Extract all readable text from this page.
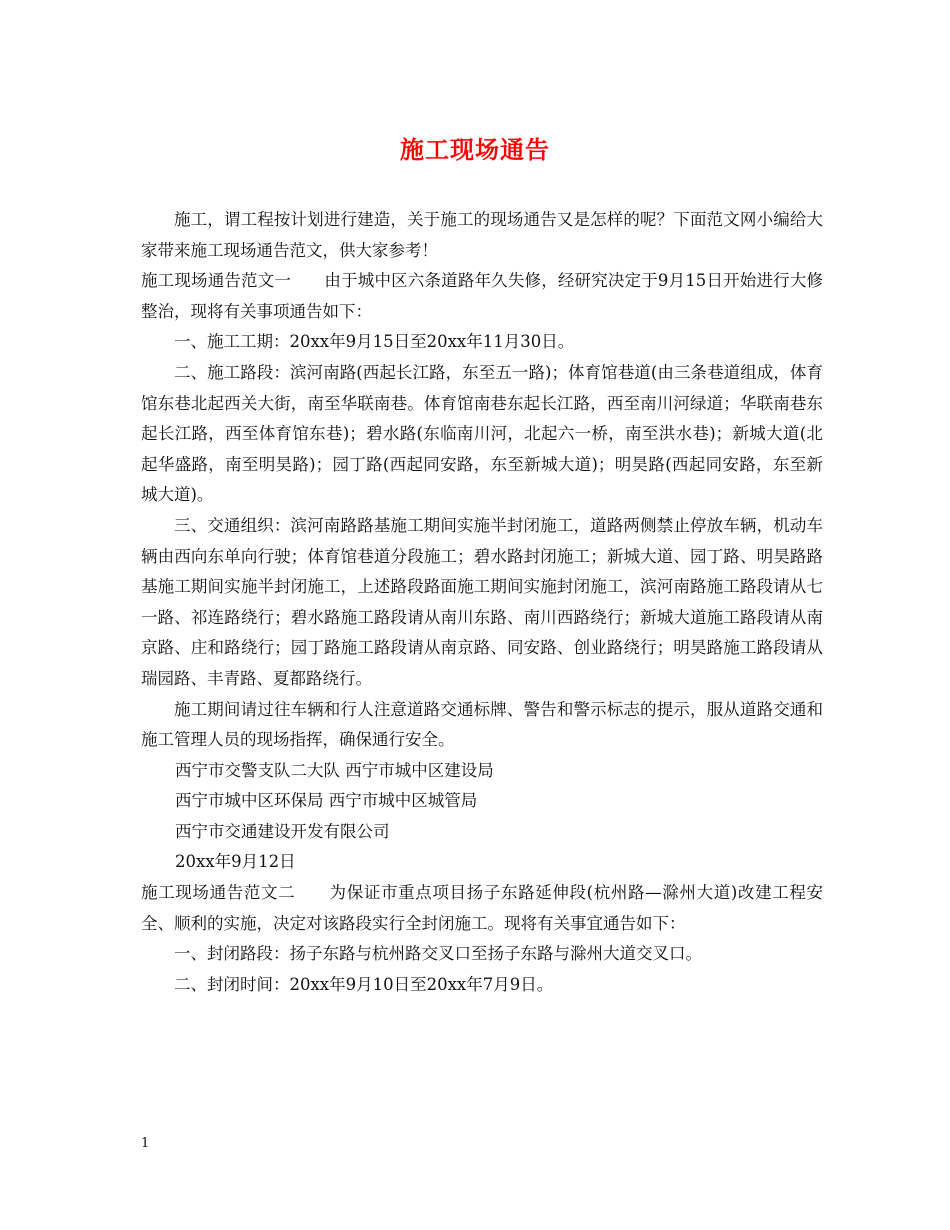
施工现场通告

施工，谓工程按计划进行建造，关于施工的现场通告又是怎样的呢？下面范文网小编给大家带来施工现场通告范文，供大家参考！

施工现场通告范文一　　由于城中区六条道路年久失修，经研究决定于9月15日开始进行大修整治，现将有关事项通告如下：

一、施工工期：20xx年9月15日至20xx年11月30日。

二、施工路段：滨河南路(西起长江路，东至五一路)；体育馆巷道(由三条巷道组成，体育馆东巷北起西关大街，南至华联南巷。体育馆南巷东起长江路，西至南川河绿道；华联南巷东起长江路，西至体育馆东巷)；碧水路(东临南川河，北起六一桥，南至洪水巷)；新城大道(北起华盛路，南至明昊路)；园丁路(西起同安路，东至新城大道)；明昊路(西起同安路，东至新城大道)。

三、交通组织：滨河南路路基施工期间实施半封闭施工，道路两侧禁止停放车辆，机动车辆由西向东单向行驶；体育馆巷道分段施工；碧水路封闭施工；新城大道、园丁路、明昊路路基施工期间实施半封闭施工，上述路段路面施工期间实施封闭施工，滨河南路施工路段请从七一路、祁连路绕行；碧水路施工路段请从南川东路、南川西路绕行；新城大道施工路段请从南京路、庄和路绕行；园丁路施工路段请从南京路、同安路、创业路绕行；明昊路施工路段请从瑞园路、丰青路、夏都路绕行。

施工期间请过往车辆和行人注意道路交通标牌、警告和警示标志的提示，服从道路交通和施工管理人员的现场指挥，确保通行安全。

西宁市交警支队二大队 西宁市城中区建设局

西宁市城中区环保局 西宁市城中区城管局

西宁市交通建设开发有限公司

20xx年9月12日

施工现场通告范文二　　为保证市重点项目扬子东路延伸段(杭州路—滁州大道)改建工程安全、顺利的实施，决定对该路段实行全封闭施工。现将有关事宜通告如下：

一、封闭路段：扬子东路与杭州路交叉口至扬子东路与滁州大道交叉口。

二、封闭时间：20xx年9月10日至20xx年7月9日。

1
